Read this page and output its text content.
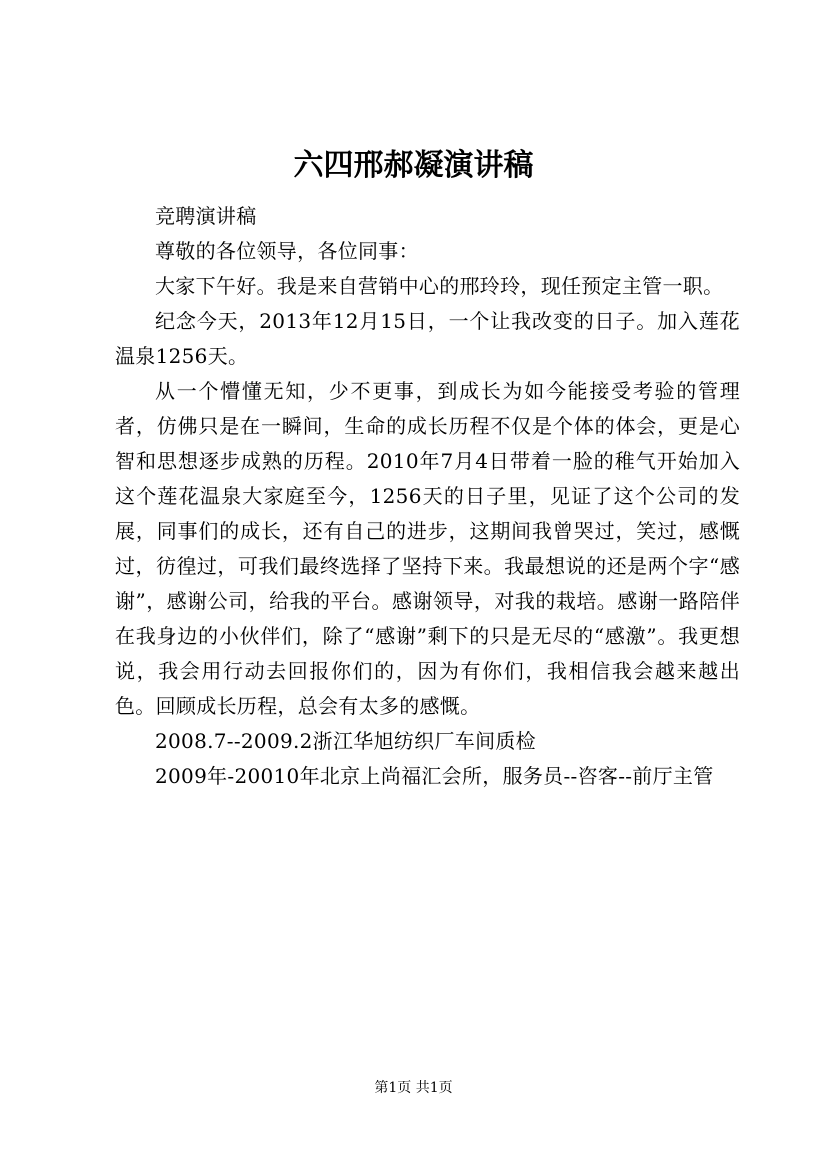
六四邢郝凝演讲稿

竞聘演讲稿

尊敬的各位领导，各位同事：

大家下午好。我是来自营销中心的邢玲玲，现任预定主管一职。

纪念今天，2013年12月15日，一个让我改变的日子。加入莲花温泉1256天。

从一个懵懂无知，少不更事，到成长为如今能接受考验的管理者，仿佛只是在一瞬间，生命的成长历程不仅是个体的体会，更是心智和思想逐步成熟的历程。2010年7月4日带着一脸的稚气开始加入这个莲花温泉大家庭至今，1256天的日子里，见证了这个公司的发展，同事们的成长，还有自己的进步，这期间我曾哭过，笑过，感慨过，彷徨过，可我们最终选择了坚持下来。我最想说的还是两个字“感谢”，感谢公司，给我的平台。感谢领导，对我的栽培。感谢一路陪伴在我身边的小伙伴们，除了“感谢”剩下的只是无尽的“感激”。我更想说，我会用行动去回报你们的，因为有你们，我相信我会越来越出色。回顾成长历程，总会有太多的感慨。

2008.7--2009.2浙江华旭纺织厂车间质检

2009年-20010年北京上尚福汇会所，服务员--咨客--前厅主管

第1页 共1页
